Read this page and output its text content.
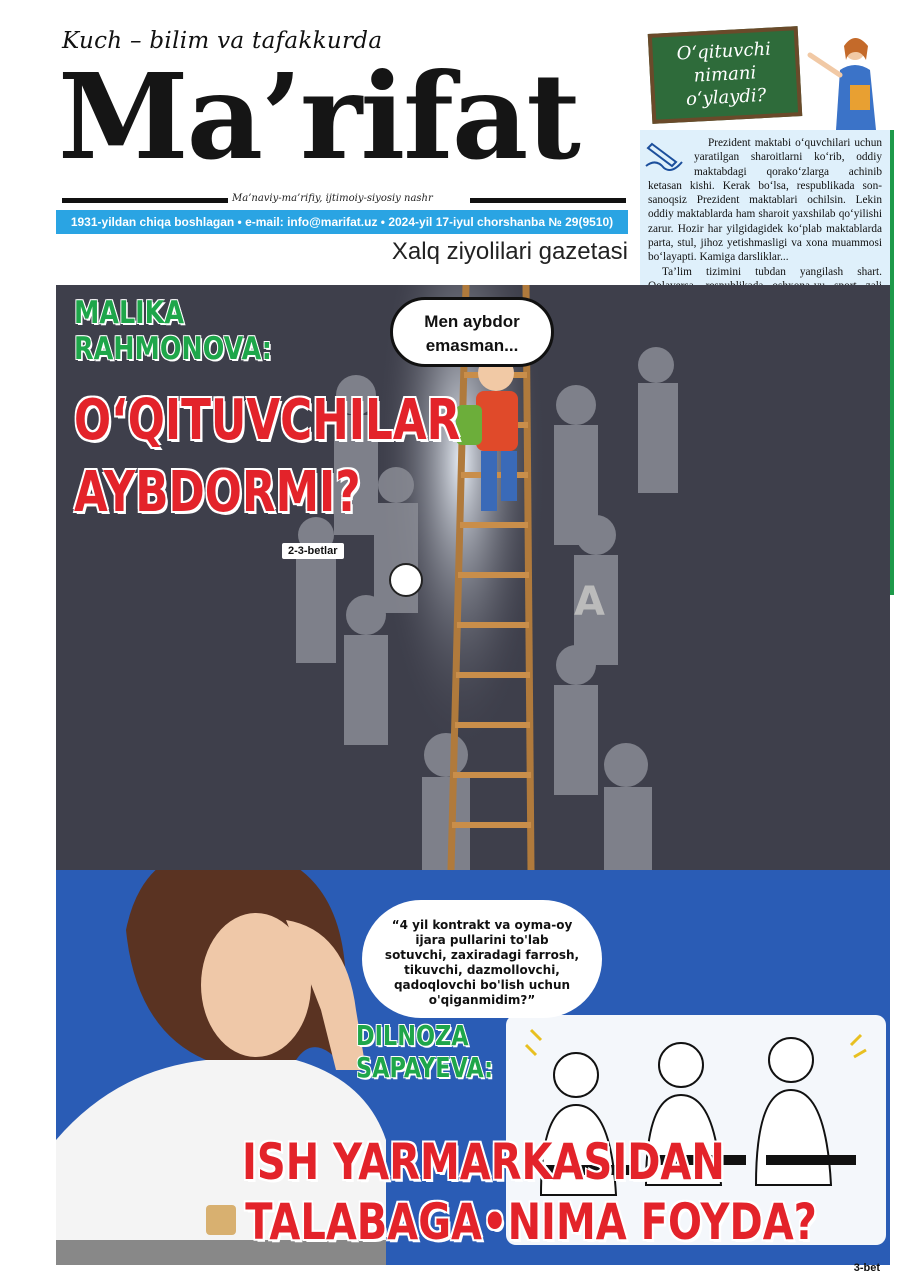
Kuch – bilim va tafakkurda
Ma’rifat
Ma’naviy-ma’rifiy, ijtimoiy-siyosiy nashr
1931-yildan chiqa boshlagan • e-mail: info@marifat.uz • 2024-yil 17-iyul chorshanba № 29(9510)
Xalq ziyolilari gazetasi
O‘qituvchi
nimani
o‘ylaydi?

Prezident maktabi o‘quvchilari uchun yaratilgan sharoitlarni ko‘rib, oddiy maktabdagi qorako‘zlarga achinib ketasan kishi. Kerak bo‘lsa, respublikada son-sanoqsiz Prezident maktablari ochilsin. Lekin oddiy maktablarda ham sharoit yaxshilab qo‘yilishi zarur. Hozir har yilgidagidek ko‘plab maktablarda parta, stul, jihoz yetishmasligi va xona muammosi bo‘layapti. Kamiga darsliklar...

Ta’lim tizimini tubdan yangilash shart.

A
Men aybdor
emasman...
MALIKA
RAHMONOVA:
O‘QITUVCHILAR
AYBDORMI?
2-3-betlar
“4 yil kontrakt va oyma-oy ijara pullarini to'lab sotuvchi, zaxiradagi farrosh, tikuvchi, dazmollovchi, qadoqlovchi bo'lish uchun o'qiganmidim?”
DILNOZA
SAPAYEVA:
ISH YARMARKASIDAN
TALABAGA•NIMA FOYDA?
3-bet
